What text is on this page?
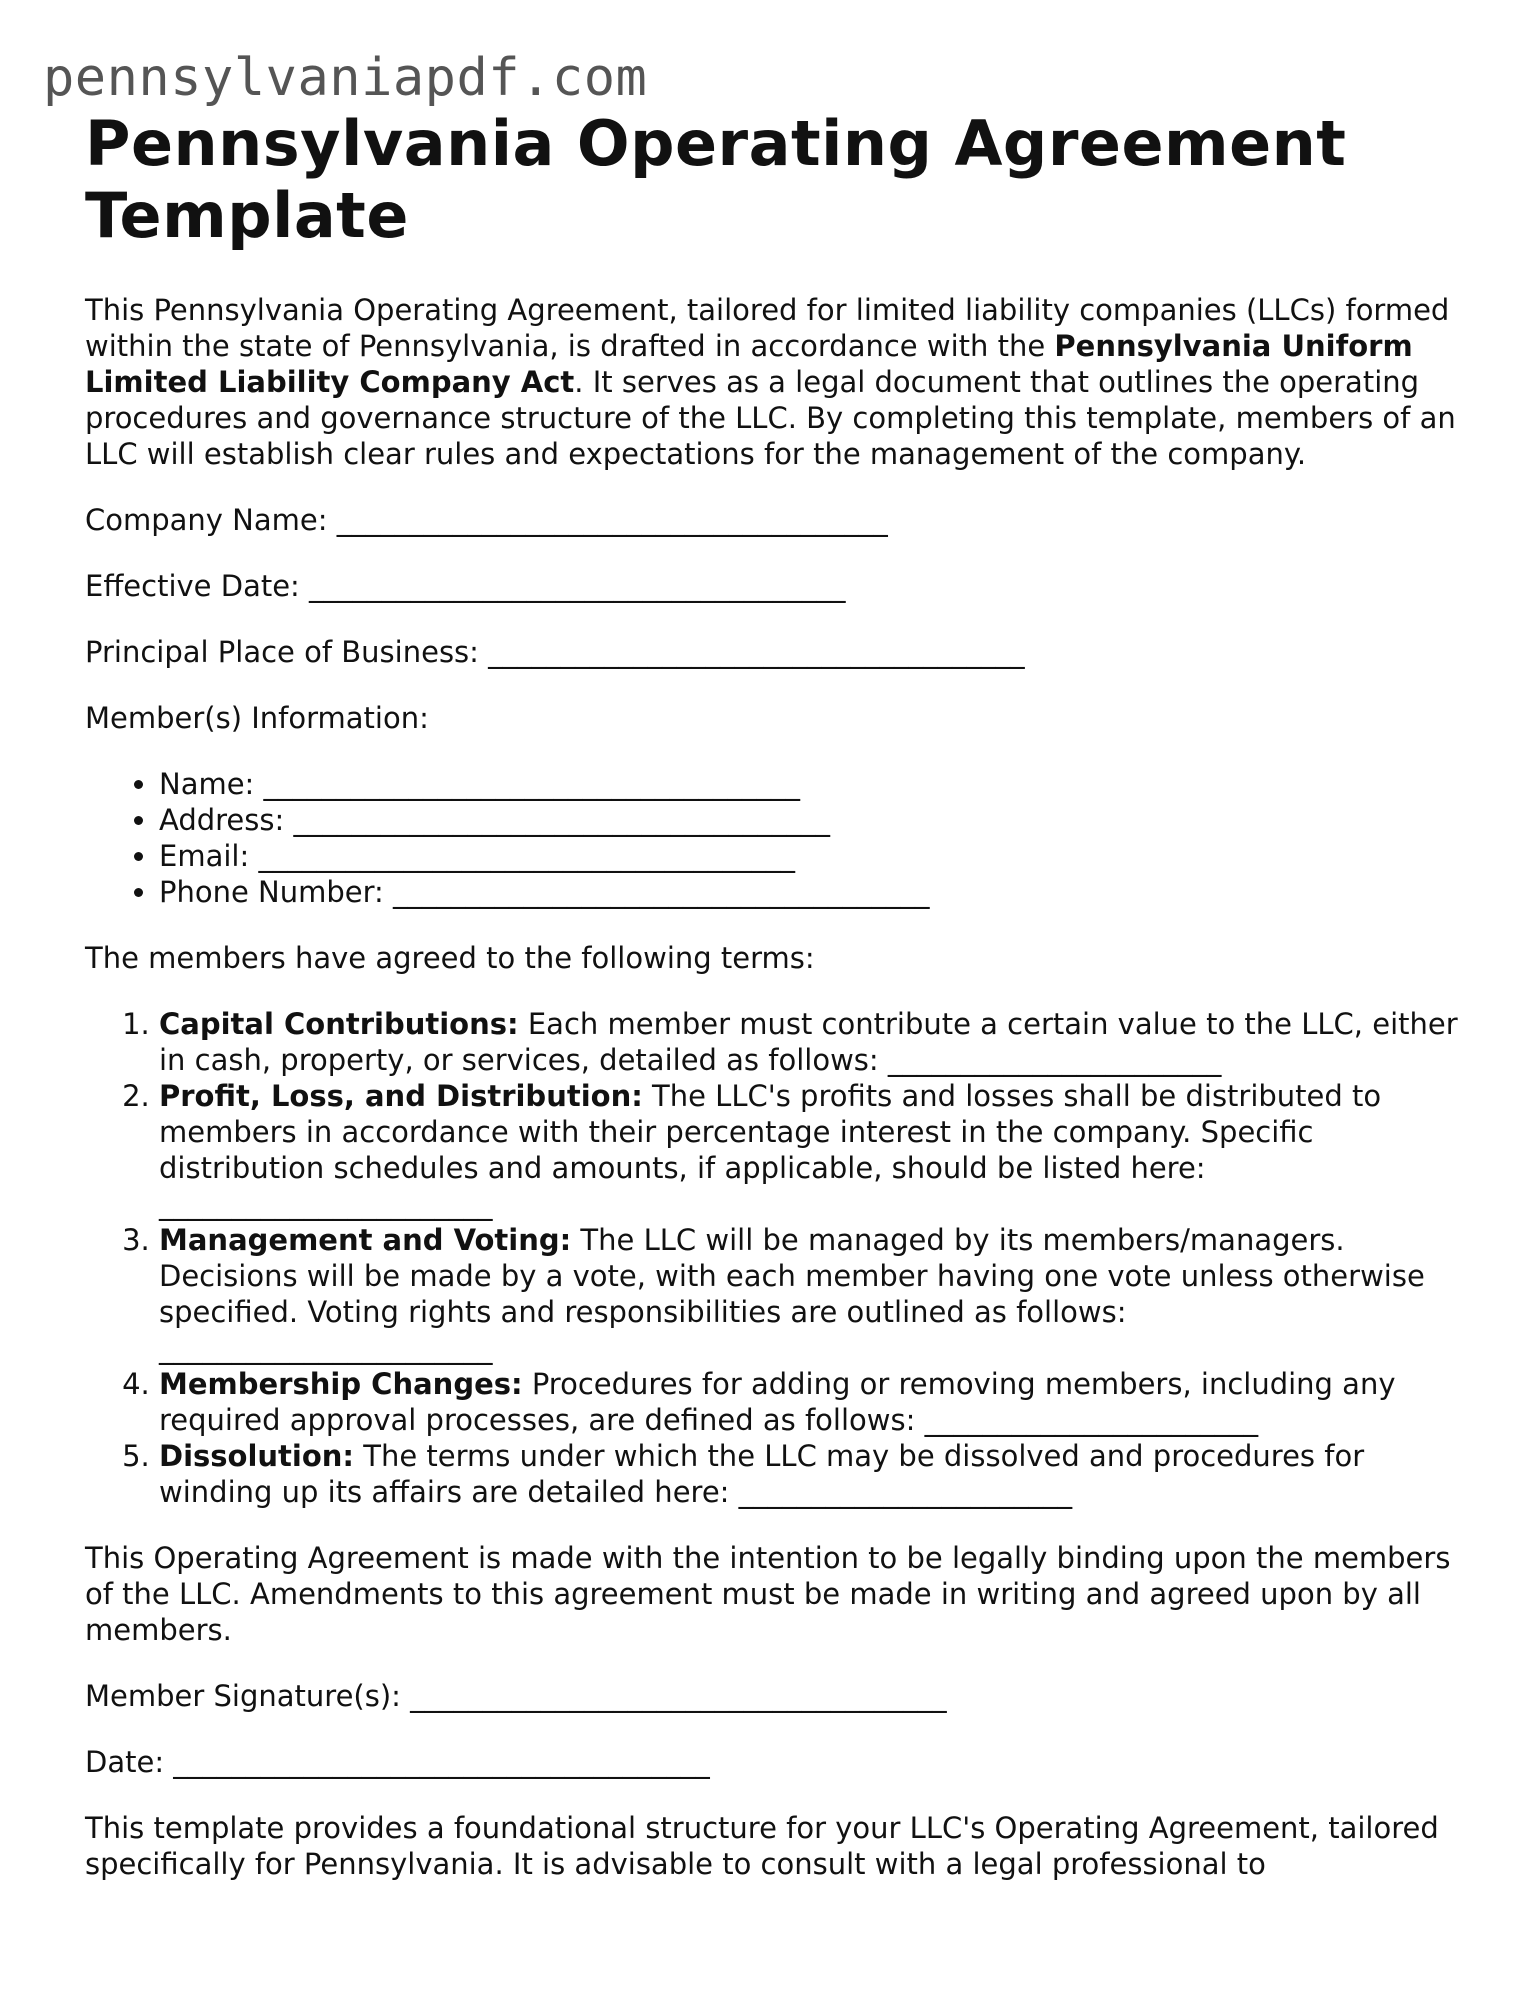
pennsylvaniapdf.com
Pennsylvania Operating Agreement
Template

This Pennsylvania Operating Agreement, tailored for limited liability companies (LLCs) formed within the state of Pennsylvania, is drafted in accordance with the Pennsylvania Uniform Limited Liability Company Act. It serves as a legal document that outlines the operating procedures and governance structure of the LLC. By completing this template, members of an LLC will establish clear rules and expectations for the management of the company.

Company Name: ______________________________________

Effective Date: _____________________________________

Principal Place of Business: _____________________________________

Member(s) Information:

• Name: _____________________________________
• Address: _____________________________________
• Email: _____________________________________
• Phone Number: _____________________________________

The members have agreed to the following terms:

1. Capital Contributions: Each member must contribute a certain value to the LLC, either in cash, property, or services, detailed as follows: _______________________
2. Profit, Loss, and Distribution: The LLC's profits and losses shall be distributed to members in accordance with their percentage interest in the company. Specific distribution schedules and amounts, if applicable, should be listed here: _______________________
3. Management and Voting: The LLC will be managed by its members/managers. Decisions will be made by a vote, with each member having one vote unless otherwise specified. Voting rights and responsibilities are outlined as follows: _______________________
4. Membership Changes: Procedures for adding or removing members, including any required approval processes, are defined as follows: _______________________
5. Dissolution: The terms under which the LLC may be dissolved and procedures for winding up its affairs are detailed here: _______________________

This Operating Agreement is made with the intention to be legally binding upon the members of the LLC. Amendments to this agreement must be made in writing and agreed upon by all members.

Member Signature(s): _____________________________________

Date: _____________________________________

This template provides a foundational structure for your LLC's Operating Agreement, tailored specifically for Pennsylvania. It is advisable to consult with a legal professional to
